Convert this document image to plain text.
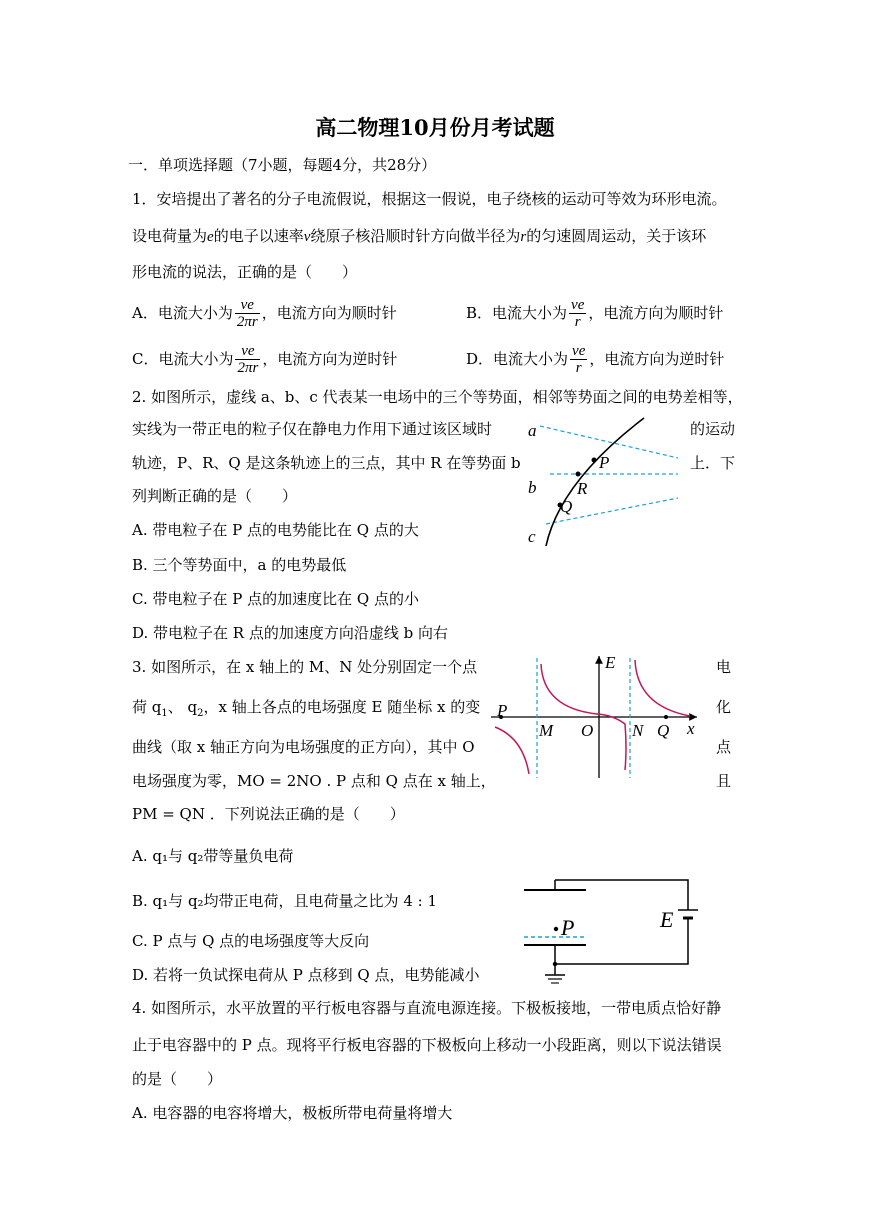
高二物理10月份月考试题
一．单项选择题（7小题，每题4分，共28分）
1．安培提出了著名的分子电流假说，根据这一假说，电子绕核的运动可等效为环形电流。
设电荷量为e的电子以速率v绕原子核沿顺时针方向做半径为r的匀速圆周运动，关于该环
形电流的说法，正确的是（　　）
A．电流大小为 $\frac{ve}{2\pi r}$ ，电流方向为顺时针	B．电流大小为 $\frac{ve}{r}$ ，电流方向为顺时针
C．电流大小为 $\frac{ve}{2\pi r}$ ，电流方向为逆时针	D．电流大小为 $\frac{ve}{r}$ ，电流方向为逆时针
2. 如图所示，虚线 a、b、c 代表某一电场中的三个等势面，相邻等势面之间的电势差相等，
实线为一带正电的粒子仅在静电力作用下通过该区域时	的运动
轨迹，P、R、Q 是这条轨迹上的三点，其中 R 在等势面 b	上．下
列判断正确的是（　　）
A. 带电粒子在 P 点的电势能比在 Q 点的大
B. 三个等势面中，a 的电势最低
C. 带电粒子在 P 点的加速度比在 Q 点的小
D. 带电粒子在 R 点的加速度方向沿虚线 b 向右
a
b
c
P
R
Q
3. 如图所示，在 x 轴上的 M、N 处分别固定一个点	电
荷 $q_1$、 $q_2$，x 轴上各点的电场强度 E 随坐标 x 的变	化
曲线（取 x 轴正方向为电场强度的正方向），其中 O	点
电场强度为零，MO = 2NO . P 点和 Q 点在 x 轴上，	且
PM = QN ．下列说法正确的是（　　）
A. q₁与 q₂带等量负电荷
B. q₁与 q₂均带正电荷，且电荷量之比为 4 : 1
C. P 点与 Q 点的电场强度等大反向
D. 若将一负试探电荷从 P 点移到 Q 点，电势能减小
E
P
M O N Q x
P	E
4. 如图所示，水平放置的平行板电容器与直流电源连接。下极板接地，一带电质点恰好静
止于电容器中的 P 点。现将平行板电容器的下极板向上移动一小段距离，则以下说法错误
的是（　　）
A. 电容器的电容将增大，极板所带电荷量将增大
